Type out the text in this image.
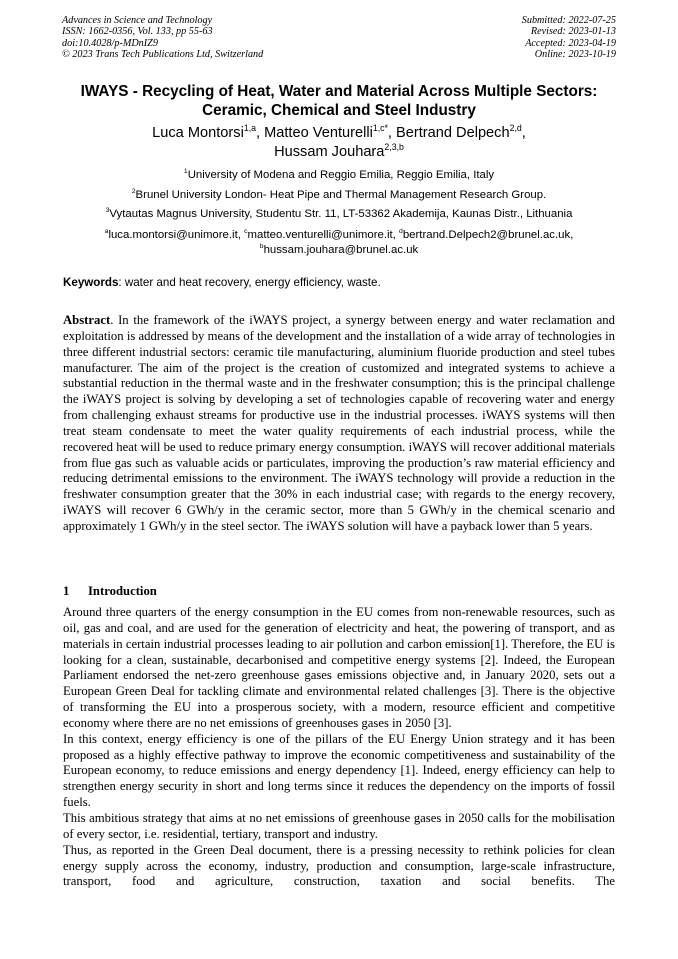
Advances in Science and Technology
ISSN: 1662-0356, Vol. 133, pp 55-63
doi:10.4028/p-MDnIZ9
© 2023 Trans Tech Publications Ltd, Switzerland
Submitted: 2022-07-25
Revised: 2023-01-13
Accepted: 2023-04-19
Online: 2023-10-19
IWAYS - Recycling of Heat, Water and Material Across Multiple Sectors:
Ceramic, Chemical and Steel Industry
Luca Montorsi$^{1,a}$, Matteo Venturelli$^{1,c*}$, Bertrand Delpech$^{2,d}$,
Hussam Jouhara$^{2,3,b}$
$^1$University of Modena and Reggio Emilia, Reggio Emilia, Italy
$^2$Brunel University London- Heat Pipe and Thermal Management Research Group.
$^3$Vytautas Magnus University, Studentu Str. 11, LT-53362 Akademija, Kaunas Distr., Lithuania
$^a$luca.montorsi@unimore.it, $^c$matteo.venturelli@unimore.it, $^d$bertrand.Delpech2@brunel.ac.uk,
$^b$hussam.jouhara@brunel.ac.uk
Keywords: water and heat recovery, energy efficiency, waste.

Abstract. In the framework of the iWAYS project, a synergy between energy and water reclamation and exploitation is addressed by means of the development and the installation of a wide array of technologies in three different industrial sectors: ceramic tile manufacturing, aluminium fluoride production and steel tubes manufacturer. The aim of the project is the creation of customized and integrated systems to achieve a substantial reduction in the thermal waste and in the freshwater consumption; this is the principal challenge the iWAYS project is solving by developing a set of technologies capable of recovering water and energy from challenging exhaust streams for productive use in the industrial processes. iWAYS systems will then treat steam condensate to meet the water quality requirements of each industrial process, while the recovered heat will be used to reduce primary energy consumption. iWAYS will recover additional materials from flue gas such as valuable acids or particulates, improving the production’s raw material efficiency and reducing detrimental emissions to the environment. The iWAYS technology will provide a reduction in the freshwater consumption greater that the 30% in each industrial case; with regards to the energy recovery, iWAYS will recover 6 GWh/y in the ceramic sector, more than 5 GWh/y in the chemical scenario and approximately 1 GWh/y in the steel sector. The iWAYS solution will have a payback lower than 5 years.

1 Introduction

Around three quarters of the energy consumption in the EU comes from non-renewable resources, such as oil, gas and coal, and are used for the generation of electricity and heat, the powering of transport, and as materials in certain industrial processes leading to air pollution and carbon emission[1]. Therefore, the EU is looking for a clean, sustainable, decarbonised and competitive energy systems [2]. Indeed, the European Parliament endorsed the net-zero greenhouse gases emissions objective and, in January 2020, sets out a European Green Deal for tackling climate and environmental related challenges [3]. There is the objective of transforming the EU into a prosperous society, with a modern, resource efficient and competitive economy where there are no net emissions of greenhouses gases in 2050 [3].

In this context, energy efficiency is one of the pillars of the EU Energy Union strategy and it has been proposed as a highly effective pathway to improve the economic competitiveness and sustainability of the European economy, to reduce emissions and energy dependency [1]. Indeed, energy efficiency can help to strengthen energy security in short and long terms since it reduces the dependency on the imports of fossil fuels.

This ambitious strategy that aims at no net emissions of greenhouse gases in 2050 calls for the mobilisation of every sector, i.e. residential, tertiary, transport and industry.

Thus, as reported in the Green Deal document, there is a pressing necessity to rethink policies for clean energy supply across the economy, industry, production and consumption, large-scale infrastructure, transport, food and agriculture, construction, taxation and social benefits. The
